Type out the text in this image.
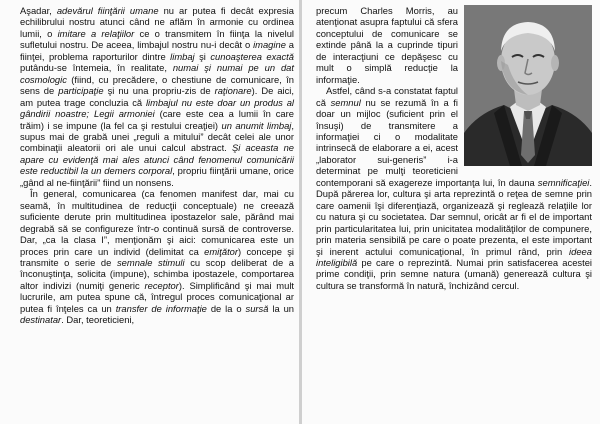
Aşadar, adevărul fiinţării umane nu ar putea fi decât expresia echilibrului nostru atunci când ne aflăm în armonie cu ordinea lumii, o imitare a relaţiilor ce o transmitem în fiinţa la nivelul sufletului nostru. De aceea, limbajul nostru nu-i decât o imagine a fiinţei, problema raporturilor dintre limbaj şi cunoaşterea exactă putându-se întemeia, în realitate, numai şi numai pe un dat cosmologic (fiind, cu precădere, o chestiune de comunicare, în sens de participaţie şi nu una propriu-zis de raţionare). De aici, am putea trage concluzia că limbajul nu este doar un produs al gândirii noastre; Legii armoniei (care este cea a lumii în care trăim) i se impune (la fel ca şi restului creaţiei) un anumit limbaj, supus mai de grabă unei „reguli a mitului” decât celei ale unor combinaţii aleatorii ori ale unui calcul abstract. Şi aceasta ne apare cu evidenţă mai ales atunci când fenomenul comunicării este reductibil la un demers corporal, propriu fiinţării umane, orice „gând al ne-fiinţării” fiind un nonsens.

În general, comunicarea (ca fenomen manifest dar, mai cu seamă, în multitudinea de reducţii conceptuale) ne creează suficiente derute prin multitudinea ipostazelor sale, părând mai degrabă să se configureze într-o continuă sursă de controverse. Dar, „ca la clasa I”, menţionăm şi aici: comunicarea este un proces prin care un individ (delimitat ca emiţător) concepe şi transmite o serie de semnale stimuli cu scop deliberat de a înconuştinţa, solicita (impune), schimba ipostazele, comportarea altor indivizi (numiţi generic receptor). Simplificând şi mai mult lucrurile, am putea spune că, întregul proces comunicaţional ar putea fi înţeles ca un transfer de informaţie de la o sursă la un destinatar. Dar, teoreticieni,

precum Charles Morris, au atenţionat asupra faptului că sfera conceptului de comunicare se extinde până la a cuprinde tipuri de interacţiuni ce depăşesc cu mult o simplă reducţie la informaţie.

Astfel, când s-a constatat faptul că semnul nu se rezumă în a fi doar un mijloc (suficient prin el însuşi) de transmitere a informaţiei ci o modalitate intrinsecă de elaborare a ei, acest „laborator sui-generis” i-a determinat pe mulţi teoreticieni contemporani să exagereze importanţa lui, în dauna semnificaţiei. După părerea lor, cultura şi arta reprezintă o reţea de semne prin care oamenii îşi diferenţiază, organizează şi reglează relaţiile lor cu natura şi cu societatea. Dar semnul, oricât ar fi el de important prin particularitatea lui, prin unicitatea modalităţilor de compunere, prin materia sensibilă pe care o poate prezenta, el este important şi inerent actului comunicaţional, în primul rând, prin ideea inteligibilă pe care o reprezintă. Numai prin satisfacerea acestei prime condiţii, prin semne natura (umană) generează cultura şi cultura se transformă în natură, închizând cercul.
